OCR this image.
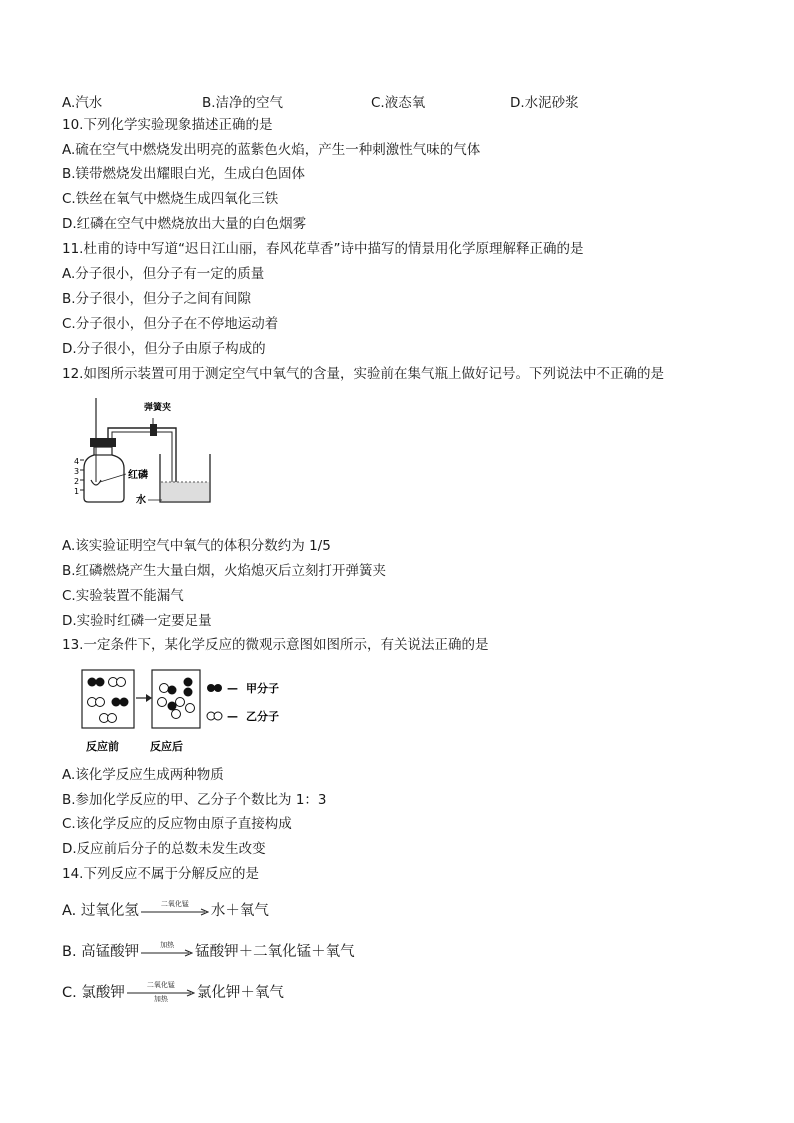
A.汽水	B.洁净的空气	C.液态氧	D.水泥砂浆
10.下列化学实验现象描述正确的是
A.硫在空气中燃烧发出明亮的蓝紫色火焰，产生一种刺激性气味的气体
B.镁带燃烧发出耀眼白光，生成白色固体
C.铁丝在氧气中燃烧生成四氧化三铁
D.红磷在空气中燃烧放出大量的白色烟雾
11.杜甫的诗中写道“迟日江山丽，春风花草香”诗中描写的情景用化学原理解释正确的是
A.分子很小，但分子有一定的质量
B.分子很小，但分子之间有间隙
C.分子很小，但分子在不停地运动着
D.分子很小，但分子由原子构成的
12.如图所示装置可用于测定空气中氧气的含量，实验前在集气瓶上做好记号。下列说法中不正确的是
4
3
2
1
弹簧夹
红磷
水
A.该实验证明空气中氧气的体积分数约为 1/5
B.红磷燃烧产生大量白烟，火焰熄灭后立刻打开弹簧夹
C.实验装置不能漏气
D.实验时红磷一定要足量
13.一定条件下，某化学反应的微观示意图如图所示，有关说法正确的是
反应前	反应后
— 甲分子
— 乙分子
A.该化学反应生成两种物质
B.参加化学反应的甲、乙分子个数比为 1：3
C.该化学反应的反应物由原子直接构成
D.反应前后分子的总数未发生改变
14.下列反应不属于分解反应的是
A. 过氧化氢	二氧化锰	水＋氧气
B. 高锰酸钾	加热	锰酸钾＋二氧化锰＋氧气
C. 氯酸钾	二氧化锰
加热	氯化钾＋氧气
